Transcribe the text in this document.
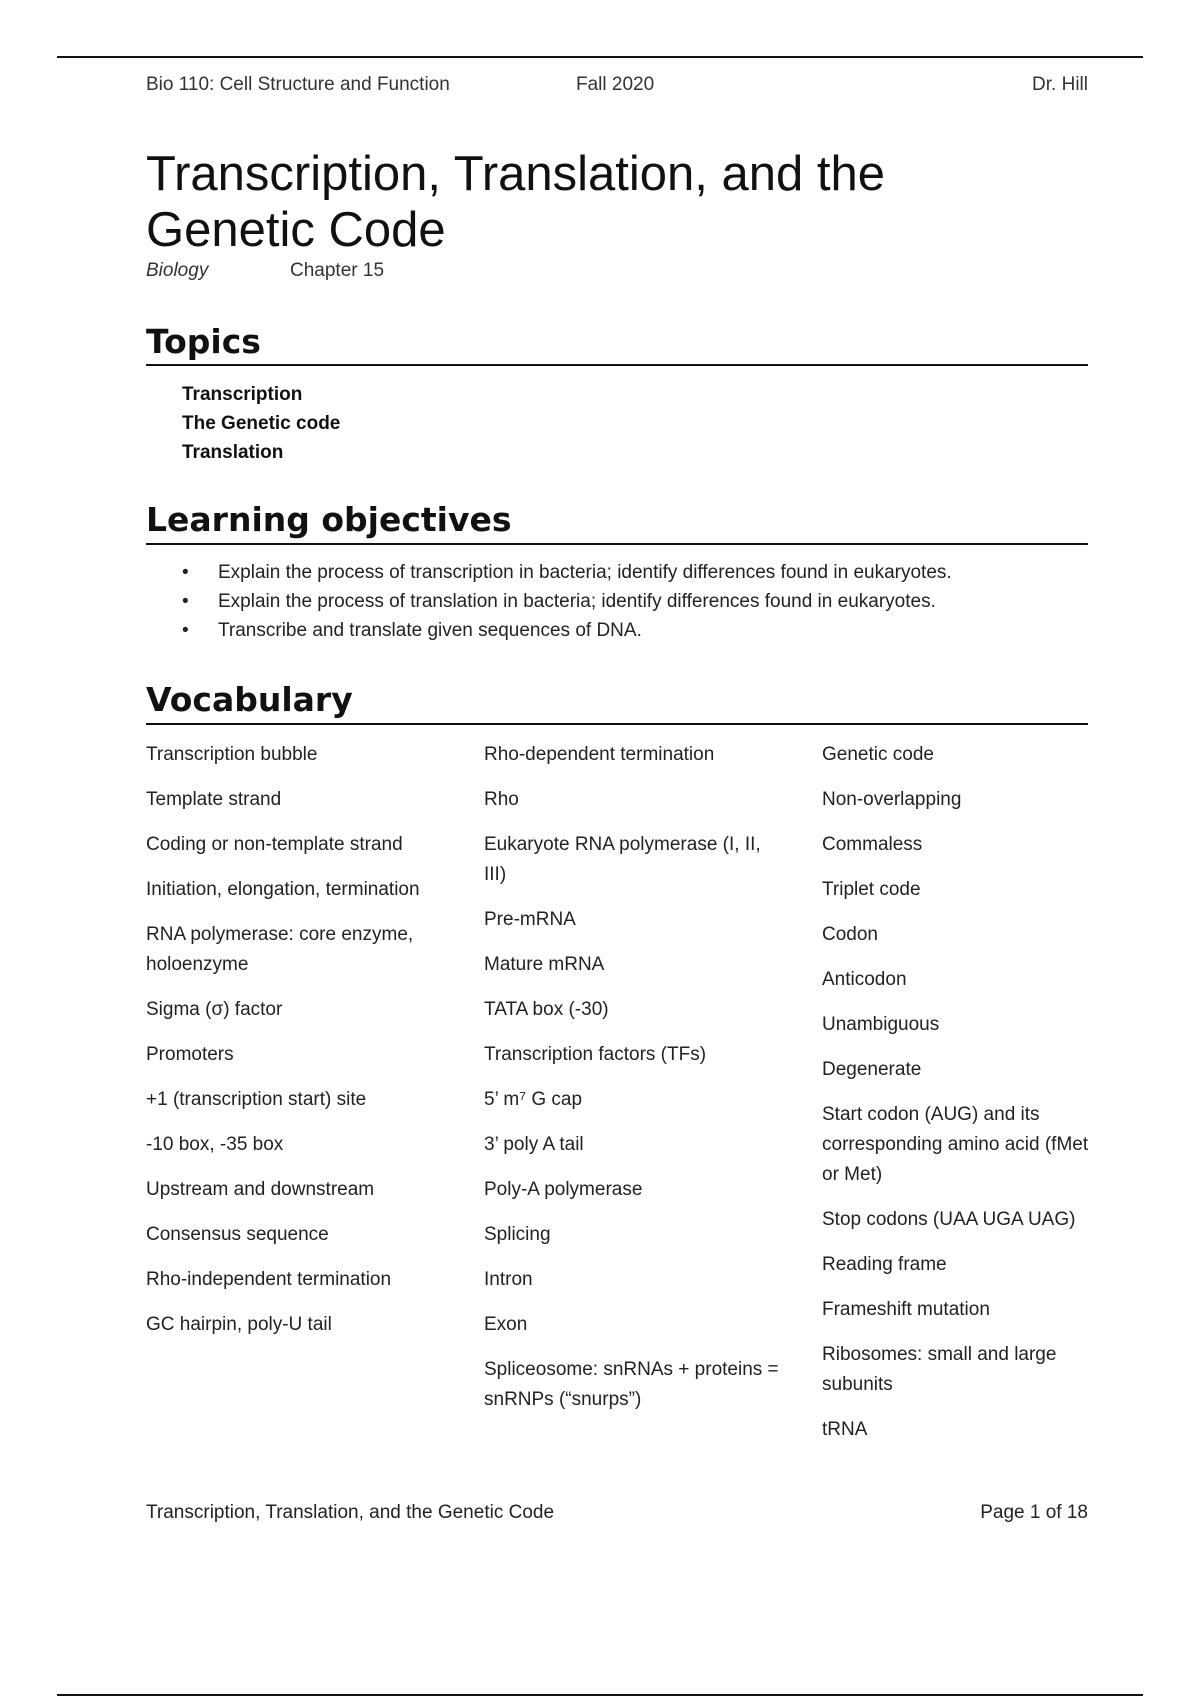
Bio 110: Cell Structure and Function	Fall 2020	Dr. Hill
Transcription, Translation, and the Genetic Code
Biology	Chapter 15
Topics
Transcription
The Genetic code
Translation
Learning objectives
• Explain the process of transcription in bacteria; identify differences found in eukaryotes.
• Explain the process of translation in bacteria; identify differences found in eukaryotes.
• Transcribe and translate given sequences of DNA.
Vocabulary
Transcription bubble
Template strand
Coding or non-template strand
Initiation, elongation, termination
RNA polymerase: core enzyme, holoenzyme
Sigma (σ) factor
Promoters
+1 (transcription start) site
-10 box, -35 box
Upstream and downstream
Consensus sequence
Rho-independent termination
GC hairpin, poly-U tail
Rho-dependent termination
Rho
Eukaryote RNA polymerase (I, II, III)
Pre-mRNA
Mature mRNA
TATA box (-30)
Transcription factors (TFs)
5’ m⁷ G cap
3’ poly A tail
Poly-A polymerase
Splicing
Intron
Exon
Spliceosome: snRNAs + proteins = snRNPs (“snurps”)
Genetic code
Non-overlapping
Commaless
Triplet code
Codon
Anticodon
Unambiguous
Degenerate
Start codon (AUG) and its corresponding amino acid (fMet or Met)
Stop codons (UAA UGA UAG)
Reading frame
Frameshift mutation
Ribosomes: small and large subunits
tRNA
Transcription, Translation, and the Genetic Code	Page 1 of 18
